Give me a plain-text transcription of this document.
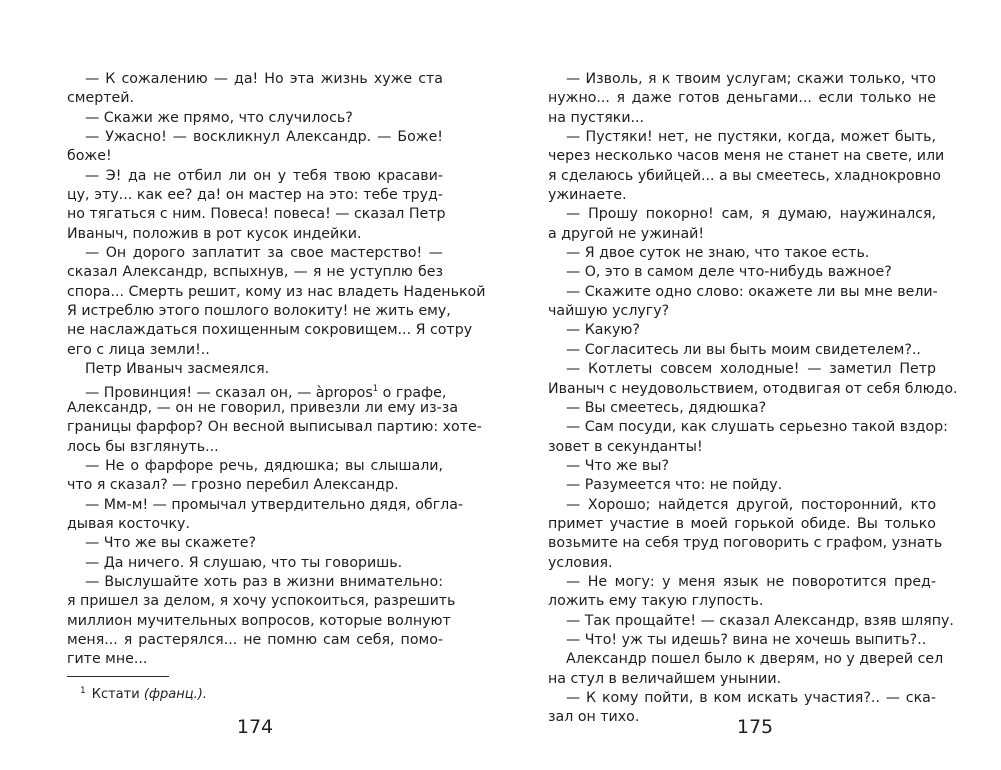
— К сожалению — да! Но эта жизнь хуже ста
смертей.
— Скажи же прямо, что случилось?
— Ужасно! — воскликнул Александр. — Боже!
боже!
— Э! да не отбил ли он у тебя твою красави-
цу, эту... как ее? да! он мастер на это: тебе труд-
но тягаться с ним. Повеса! повеса! — сказал Петр
Иваныч, положив в рот кусок индейки.
— Он дорого заплатит за свое мастерство! —
сказал Александр, вспыхнув, — я не уступлю без
спора... Смерть решит, кому из нас владеть Наденькой
Я истреблю этого пошлого волокиту! не жить ему,
не наслаждаться похищенным сокровищем... Я сотру
его с лица земли!..
Петр Иваныч засмеялся.
— Провинция! — сказал он, — àpropos$^1$ о графе,
Александр, — он не говорил, привезли ли ему из-за
границы фарфор? Он весной выписывал партию: хоте-
лось бы взглянуть...
— Не о фарфоре речь, дядюшка; вы слышали,
что я сказал? — грозно перебил Александр.
— Мм-м! — промычал утвердительно дядя, обгла-
дывая косточку.
— Что же вы скажете?
— Да ничего. Я слушаю, что ты говоришь.
— Выслушайте хоть раз в жизни внимательно:
я пришел за делом, я хочу успокоиться, разрешить
миллион мучительных вопросов, которые волнуют
меня... я растерялся... не помню сам себя, помо-
гите мне...
$^1$ Кстати (франц.).
174
— Изволь, я к твоим услугам; скажи только, что
нужно... я даже готов деньгами... если только не
на пустяки...
— Пустяки! нет, не пустяки, когда, может быть,
через несколько часов меня не станет на свете, или
я сделаюсь убийцей... а вы смеетесь, хладнокровно
ужинаете.
— Прошу покорно! сам, я думаю, наужинался,
а другой не ужинай!
— Я двое суток не знаю, что такое есть.
— О, это в самом деле что-нибудь важное?
— Скажите одно слово: окажете ли вы мне вели-
чайшую услугу?
— Какую?
— Согласитесь ли вы быть моим свидетелем?..
— Котлеты совсем холодные! — заметил Петр
Иваныч с неудовольствием, отодвигая от себя блюдо.
— Вы смеетесь, дядюшка?
— Сам посуди, как слушать серьезно такой вздор:
зовет в секунданты!
— Что же вы?
— Разумеется что: не пойду.
— Хорошо; найдется другой, посторонний, кто
примет участие в моей горькой обиде. Вы только
возьмите на себя труд поговорить с графом, узнать
условия.
— Не могу: у меня язык не поворотится пред-
ложить ему такую глупость.
— Так прощайте! — сказал Александр, взяв шляпу.
— Что! уж ты идешь? вина не хочешь выпить?..
Александр пошел было к дверям, но у дверей сел
на стул в величайшем унынии.
— К кому пойти, в ком искать участия?.. — ска-
зал он тихо.	175
